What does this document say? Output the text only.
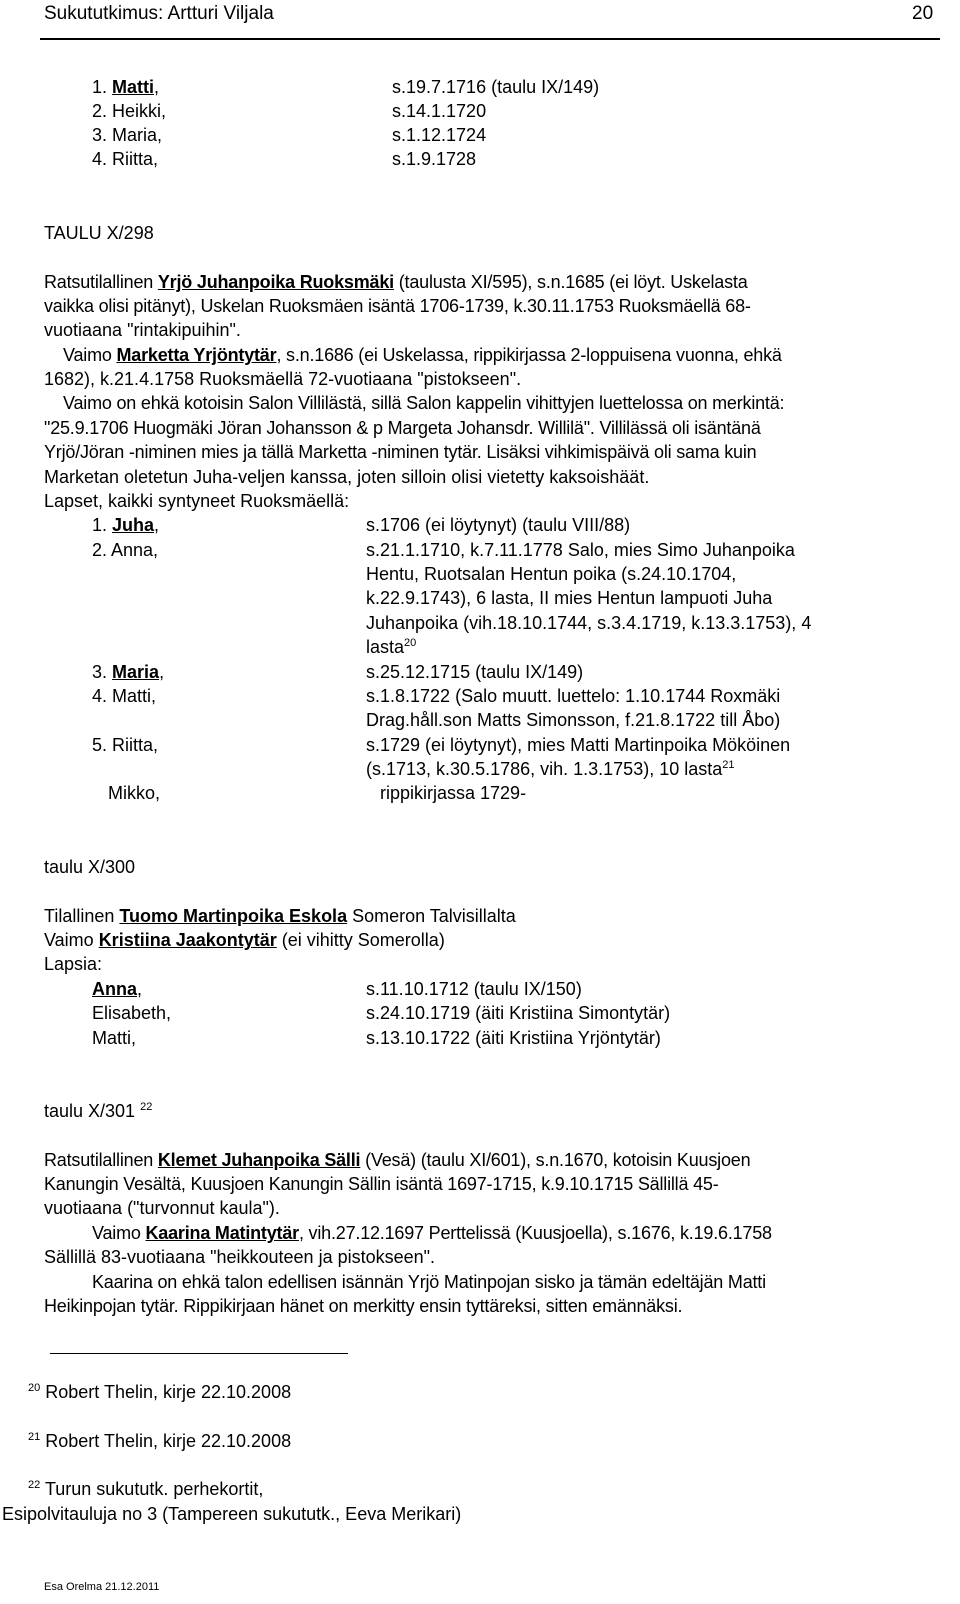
Sukututkimus: Artturi Viljala	20
1. Matti,	s.19.7.1716 (taulu IX/149)
2. Heikki,	s.14.1.1720
3. Maria,	s.1.12.1724
4. Riitta,	s.1.9.1728
TAULU X/298
Ratsutilallinen Yrjö Juhanpoika Ruoksmäki (taulusta XI/595), s.n.1685 (ei löyt. Uskelasta
vaikka olisi pitänyt), Uskelan Ruoksmäen isäntä 1706-1739, k.30.11.1753 Ruoksmäellä 68-
vuotiaana "rintakipuihin".
Vaimo Marketta Yrjöntytär, s.n.1686 (ei Uskelassa, rippikirjassa 2-loppuisena vuonna, ehkä
1682), k.21.4.1758 Ruoksmäellä 72-vuotiaana "pistokseen".
Vaimo on ehkä kotoisin Salon Villilästä, sillä Salon kappelin vihittyjen luettelossa on merkintä:
"25.9.1706 Huogmäki Jöran Johansson & p Margeta Johansdr. Willilä". Villilässä oli isäntänä
Yrjö/Jöran -niminen mies ja tällä Marketta -niminen tytär. Lisäksi vihkimispäivä oli sama kuin
Marketan oletetun Juha-veljen kanssa, joten silloin olisi vietetty kaksoishäät.
Lapset, kaikki syntyneet Ruoksmäellä:
1. Juha,	s.1706 (ei löytynyt) (taulu VIII/88)
2. Anna,	s.21.1.1710, k.7.11.1778 Salo, mies Simo Juhanpoika
Hentu, Ruotsalan Hentun poika (s.24.10.1704,
k.22.9.1743), 6 lasta, II mies Hentun lampuoti Juha
Juhanpoika (vih.18.10.1744, s.3.4.1719, k.13.3.1753), 4
lasta$^{20}$
3. Maria,	s.25.12.1715 (taulu IX/149)
4. Matti,	s.1.8.1722 (Salo muutt. luettelo: 1.10.1744 Roxmäki
Drag.håll.son Matts Simonsson, f.21.8.1722 till Åbo)
5. Riitta,	s.1729 (ei löytynyt), mies Matti Martinpoika Mököinen
(s.1713, k.30.5.1786, vih. 1.3.1753), 10 lasta$^{21}$
Mikko,	rippikirjassa 1729-
taulu X/300
Tilallinen Tuomo Martinpoika Eskola Someron Talvisillalta
Vaimo Kristiina Jaakontytär (ei vihitty Somerolla)
Lapsia:
Anna,	s.11.10.1712 (taulu IX/150)
Elisabeth,	s.24.10.1719 (äiti Kristiina Simontytär)
Matti,	s.13.10.1722 (äiti Kristiina Yrjöntytär)
taulu X/301 $^{22}$
Ratsutilallinen Klemet Juhanpoika Sälli (Vesä) (taulu XI/601), s.n.1670, kotoisin Kuusjoen
Kanungin Vesältä, Kuusjoen Kanungin Sällin isäntä 1697-1715, k.9.10.1715 Sällillä 45-
vuotiaana ("turvonnut kaula").
Vaimo Kaarina Matintytär, vih.27.12.1697 Perttelissä (Kuusjoella), s.1676, k.19.6.1758
Sällillä 83-vuotiaana "heikkouteen ja pistokseen".
Kaarina on ehkä talon edellisen isännän Yrjö Matinpojan sisko ja tämän edeltäjän Matti
Heikinpojan tytär. Rippikirjaan hänet on merkitty ensin tyttäreksi, sitten emännäksi.
$^{20}$ Robert Thelin, kirje 22.10.2008
$^{21}$ Robert Thelin, kirje 22.10.2008
$^{22}$ Turun sukututk. perhekortit,
Esipolvitauluja no 3 (Tampereen sukututk., Eeva Merikari)
Esa Orelma 21.12.2011
